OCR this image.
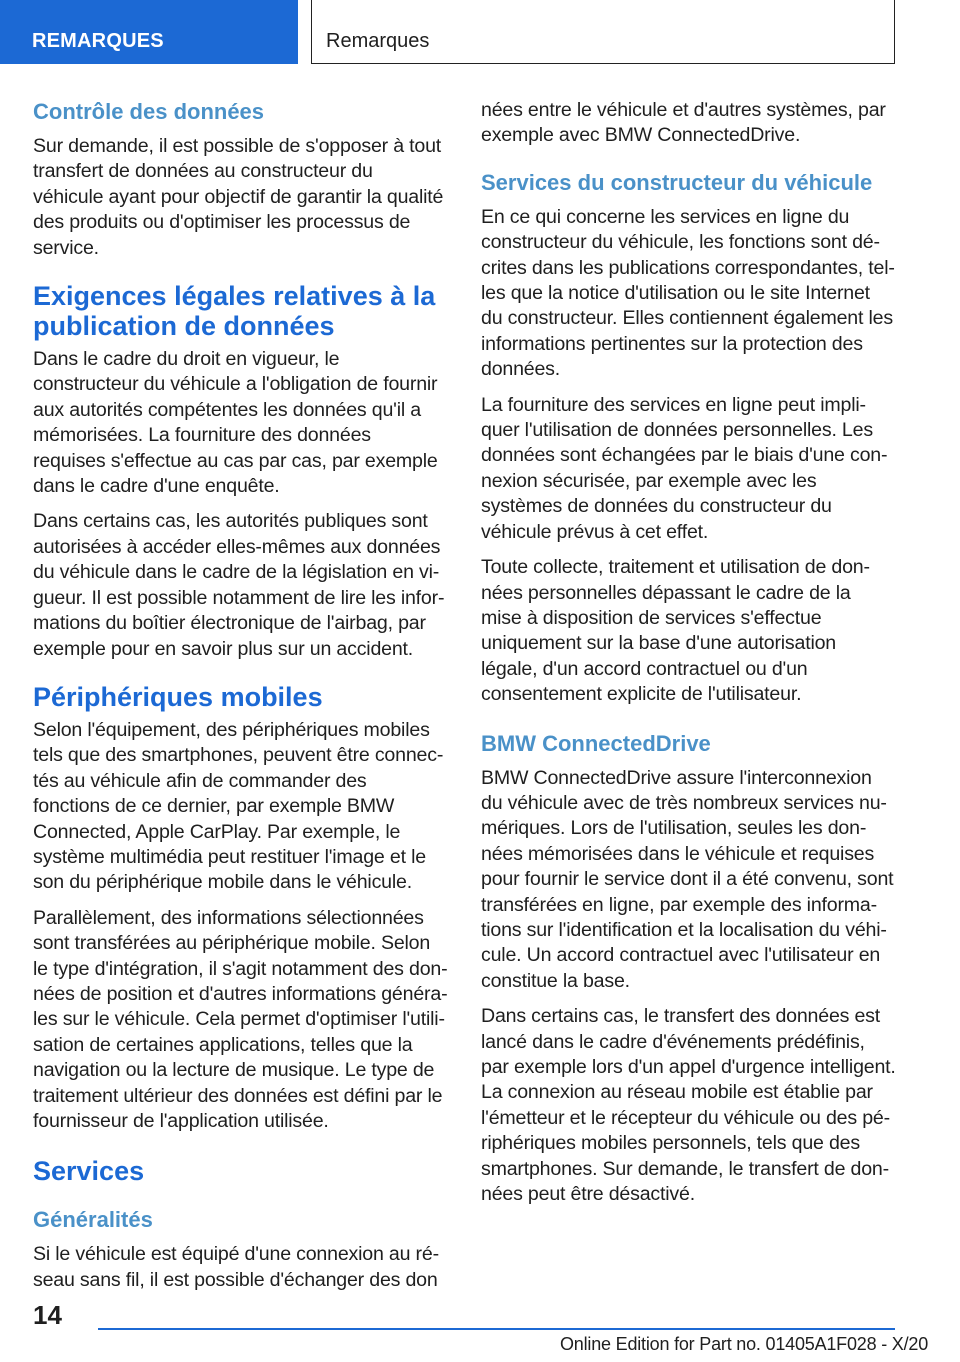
REMARQUES	Remarques
Contrôle des données

Sur demande, il est possible de s'opposer à tout transfert de données au constructeur du véhicule ayant pour objectif de garantir la qualité des produits ou d'optimiser les processus de service.

Exigences légales relatives à la publication de données

Dans le cadre du droit en vigueur, le constructeur du véhicule a l'obligation de fournir aux autorités compétentes les données qu'il a mémorisées. La fourniture des données requises s'effectue au cas par cas, par exemple dans le cadre d'une enquête.

Dans certains cas, les autorités publiques sont autorisées à accéder elles-mêmes aux données du véhicule dans le cadre de la législation en vigueur. Il est possible notamment de lire les informations du boîtier électronique de l'airbag, par exemple pour en savoir plus sur un accident.

Périphériques mobiles

Selon l'équipement, des périphériques mobiles tels que des smartphones, peuvent être connectés au véhicule afin de commander des fonctions de ce dernier, par exemple BMW Connected, Apple CarPlay. Par exemple, le système multimédia peut restituer l'image et le son du périphérique mobile dans le véhicule.

Parallèlement, des informations sélectionnées sont transférées au périphérique mobile. Selon le type d'intégration, il s'agit notamment des données de position et d'autres informations générales sur le véhicule. Cela permet d'optimiser l'utilisation de certaines applications, telles que la navigation ou la lecture de musique. Le type de traitement ultérieur des données est défini par le fournisseur de l'application utilisée.

Services
Généralités

Si le véhicule est équipé d'une connexion au réseau sans fil, il est possible d'échanger des don

nées entre le véhicule et d'autres systèmes, par exemple avec BMW ConnectedDrive.

Services du constructeur du véhicule

En ce qui concerne les services en ligne du constructeur du véhicule, les fonctions sont décrites dans les publications correspondantes, telles que la notice d'utilisation ou le site Internet du constructeur. Elles contiennent également les informations pertinentes sur la protection des données.

La fourniture des services en ligne peut impliquer l'utilisation de données personnelles. Les données sont échangées par le biais d'une connexion sécurisée, par exemple avec les systèmes de données du constructeur du véhicule prévus à cet effet.

Toute collecte, traitement et utilisation de données personnelles dépassant le cadre de la mise à disposition de services s'effectue uniquement sur la base d'une autorisation légale, d'un accord contractuel ou d'un consentement explicite de l'utilisateur.

BMW ConnectedDrive

BMW ConnectedDrive assure l'interconnexion du véhicule avec de très nombreux services numériques. Lors de l'utilisation, seules les données mémorisées dans le véhicule et requises pour fournir le service dont il a été convenu, sont transférées en ligne, par exemple des informations sur l'identification et la localisation du véhicule. Un accord contractuel avec l'utilisateur en constitue la base.

Dans certains cas, le transfert des données est lancé dans le cadre d'événements prédéfinis, par exemple lors d'un appel d'urgence intelligent. La connexion au réseau mobile est établie par l'émetteur et le récepteur du véhicule ou des périphériques mobiles personnels, tels que des smartphones. Sur demande, le transfert de données peut être désactivé.

14
Online Edition for Part no. 01405A1F028 - X/20
